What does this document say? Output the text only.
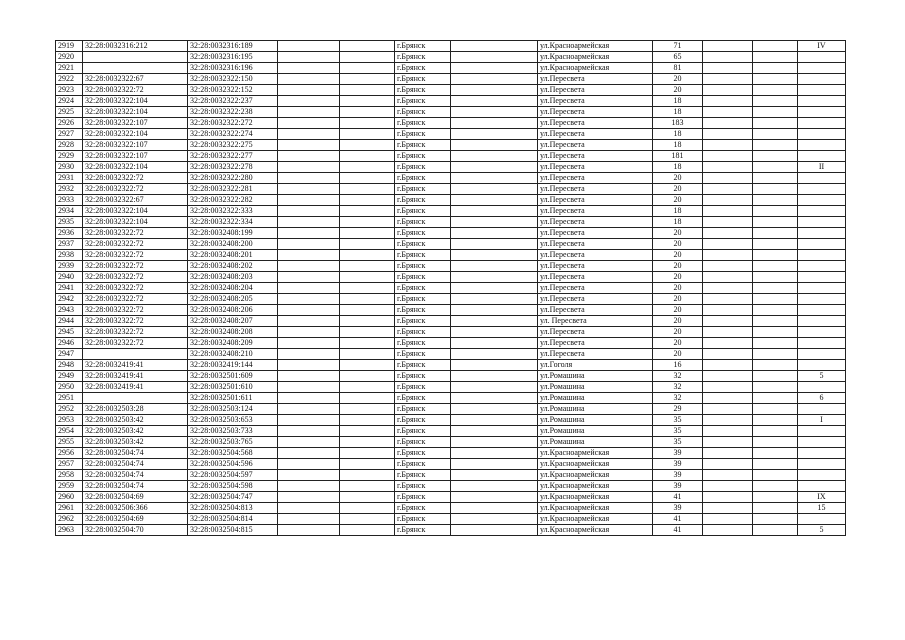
2919	32:28:0032316:212	32:28:0032316:189			г.Брянск		ул.Красноармейская	71			IV
2920		32:28:0032316:195			г.Брянск		ул.Красноармейская	65			
2921		32:28:0032316:196			г.Брянск		ул.Красноармейская	81			
2922	32:28:0032322:67	32:28:0032322:150			г.Брянск		ул.Пересвета	20			
2923	32:28:0032322:72	32:28:0032322:152			г.Брянск		ул.Пересвета	20			
2924	32:28:0032322:104	32:28:0032322:237			г.Брянск		ул.Пересвета	18			
2925	32:28:0032322:104	32:28:0032322:238			г.Брянск		ул.Пересвета	18			
2926	32:28:0032322:107	32:28:0032322:272			г.Брянск		ул.Пересвета	183			
2927	32:28:0032322:104	32:28:0032322:274			г.Брянск		ул.Пересвета	18			
2928	32:28:0032322:107	32:28:0032322:275			г.Брянск		ул.Пересвета	18			
2929	32:28:0032322:107	32:28:0032322:277			г.Брянск		ул.Пересвета	181			
2930	32:28:0032322:104	32:28:0032322:278			г.Брянск		ул.Пересвета	18			II
2931	32:28:0032322:72	32:28:0032322:280			г.Брянск		ул.Пересвета	20			
2932	32:28:0032322:72	32:28:0032322:281			г.Брянск		ул.Пересвета	20			
2933	32:28:0032322:67	32:28:0032322:282			г.Брянск		ул.Пересвета	20			
2934	32:28:0032322:104	32:28:0032322:333			г.Брянск		ул.Пересвета	18			
2935	32:28:0032322:104	32:28:0032322:334			г.Брянск		ул.Пересвета	18			
2936	32:28:0032322:72	32:28:0032408:199			г.Брянск		ул.Пересвета	20			
2937	32:28:0032322:72	32:28:0032408:200			г.Брянск		ул.Пересвета	20			
2938	32:28:0032322:72	32:28:0032408:201			г.Брянск		ул.Пересвета	20			
2939	32:28:0032322:72	32:28:0032408:202			г.Брянск		ул.Пересвета	20			
2940	32:28:0032322:72	32:28:0032408:203			г.Брянск		ул.Пересвета	20			
2941	32:28:0032322:72	32:28:0032408:204			г.Брянск		ул.Пересвета	20			
2942	32:28:0032322:72	32:28:0032408:205			г.Брянск		ул.Пересвета	20			
2943	32:28:0032322:72	32:28:0032408:206			г.Брянск		ул.Пересвета	20			
2944	32:28:0032322:72	32:28:0032408:207			г.Брянск		ул. Пересвета	20			
2945	32:28:0032322:72	32:28:0032408:208			г.Брянск		ул.Пересвета	20			
2946	32:28:0032322:72	32:28:0032408:209			г.Брянск		ул.Пересвета	20			
2947		32:28:0032408:210			г.Брянск		ул.Пересвета	20			
2948	32:28:0032419:41	32:28:0032419:144			г.Брянск		ул.Гоголя	16			
2949	32:28:0032419:41	32:28:0032501:609			г.Брянск		ул.Ромашина	32			5
2950	32:28:0032419:41	32:28:0032501:610			г.Брянск		ул.Ромашина	32			
2951		32:28:0032501:611			г.Брянск		ул.Ромашина	32			6
2952	32:28:0032503:28	32:28:0032503:124			г.Брянск		ул.Ромашина	29			
2953	32:28:0032503:42	32:28:0032503:653			г.Брянск		ул.Ромашина	35			I
2954	32:28:0032503:42	32:28:0032503:733			г.Брянск		ул.Ромашина	35			
2955	32:28:0032503:42	32:28:0032503:765			г.Брянск		ул.Ромашина	35			
2956	32:28:0032504:74	32:28:0032504:568			г.Брянск		ул.Красноармейская	39			
2957	32:28:0032504:74	32:28:0032504:596			г.Брянск		ул.Красноармейская	39			
2958	32:28:0032504:74	32:28:0032504:597			г.Брянск		ул.Красноармейская	39			
2959	32:28:0032504:74	32:28:0032504:598			г.Брянск		ул.Красноармейская	39			
2960	32:28:0032504:69	32:28:0032504:747			г.Брянск		ул.Красноармейская	41			IX
2961	32:28:0032506:366	32:28:0032504:813			г.Брянск		ул.Красноармейская	39			15
2962	32:28:0032504:69	32:28:0032504:814			г.Брянск		ул.Красноармейская	41			
2963	32:28:0032504:70	32:28:0032504:815			г.Брянск		ул.Красноармейская	41			5
